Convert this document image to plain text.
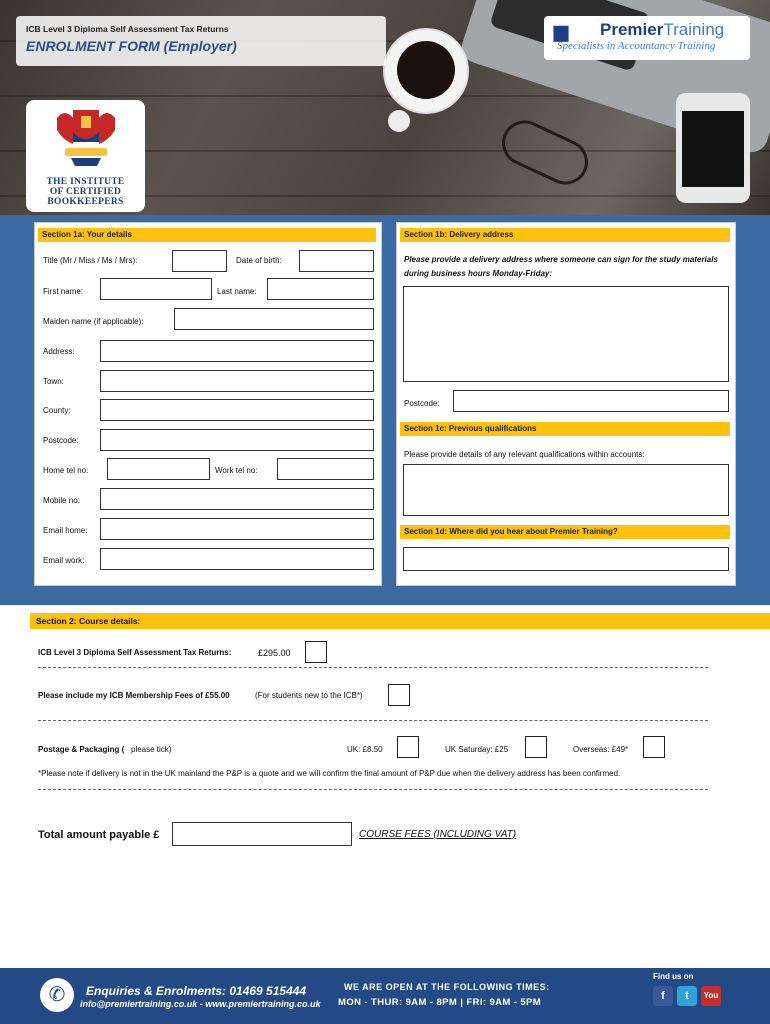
ICB Level 3 Diploma Self Assessment Tax Returns
ENROLMENT FORM (Employer)
▮▮ PremierTraining
Specialists in Accountancy Training
THE INSTITUTE
OF CERTIFIED
BOOKKEEPERS
Section 1a: Your details
Title (Mr / Miss / Ms / Mrs):	Date of birth:
First name:	Last name:
Maiden name (if applicable):
Address:
Town:
County:
Postcode:
Home tel no:	Work tel no:
Mobile no:
Email home:
Email work:
Section 1b: Delivery address
Please provide a delivery address where someone can sign for the study materials during business hours Monday-Friday:
Postcode:
Section 1c: Previous qualifications
Please provide details of any relevant qualifications within accounts:
Section 1d: Where did you hear about Premier Training?
Section 2: Course details:
ICB Level 3 Diploma Self Assessment Tax Returns:	£295.00
Please include my ICB Membership Fees of £55.00	(For students new to the ICB*)
Postage & Packaging ( please tick)	UK: £8.50	UK Saturday: £25	Overseas: £49*
*Please note if delivery is not in the UK mainland the P&P is a quote and we will confirm the final amount of P&P due when the delivery address has been confirmed.
Total amount payable £	COURSE FEES (INCLUDING VAT)
✆	Enquiries & Enrolments: 01469 515444
info@premiertraining.co.uk - www.premiertraining.co.uk
WE ARE OPEN AT THE FOLLOWING TIMES:
MON - THUR: 9AM - 8PM | FRI: 9AM - 5PM
Find us on
f	t	You
